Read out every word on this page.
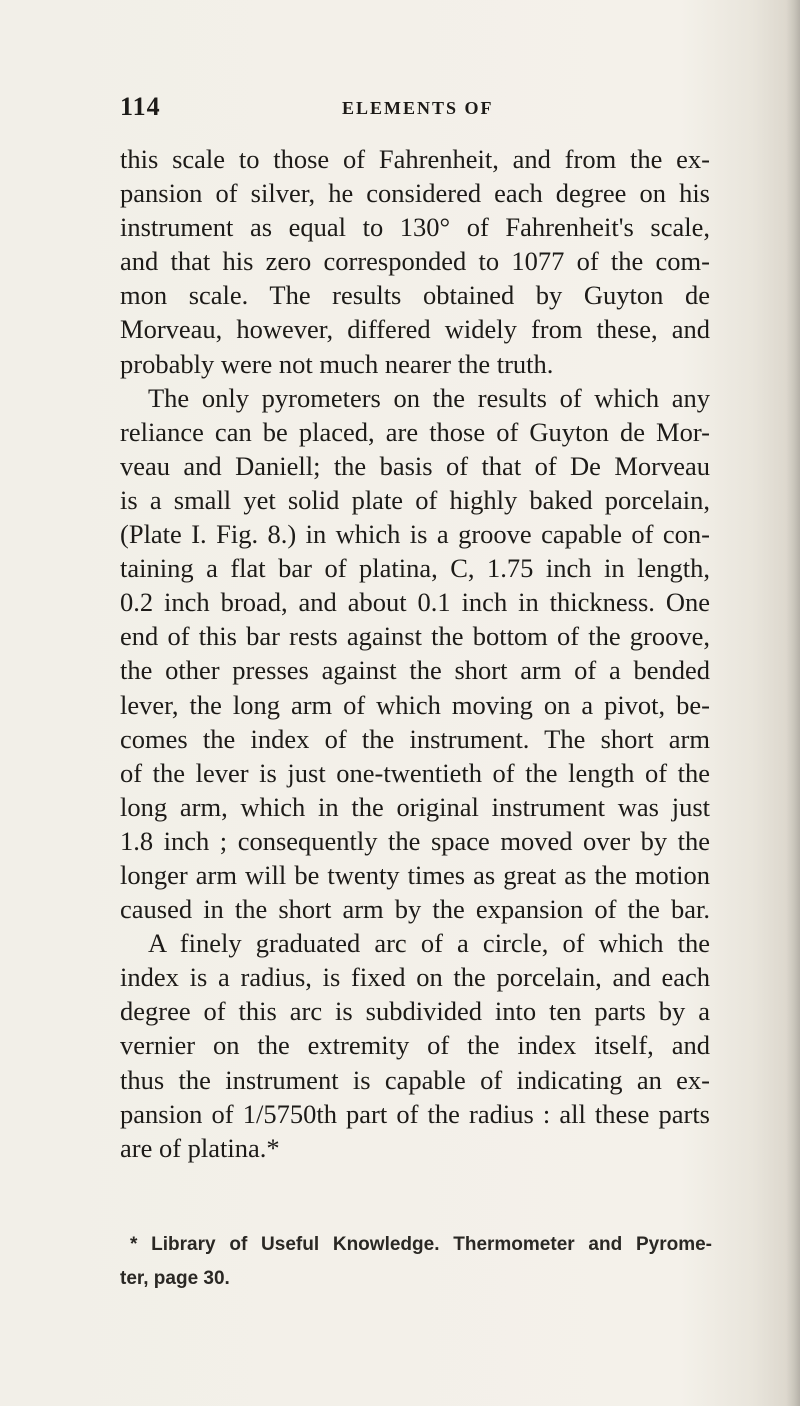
114	ELEMENTS OF
this scale to those of Fahrenheit, and from the ex-
pansion of silver, he considered each degree on his
instrument as equal to 130° of Fahrenheit's scale,
and that his zero corresponded to 1077 of the com-
mon scale. The results obtained by Guyton de
Morveau, however, differed widely from these, and
probably were not much nearer the truth.
The only pyrometers on the results of which any
reliance can be placed, are those of Guyton de Mor-
veau and Daniell; the basis of that of De Morveau
is a small yet solid plate of highly baked porcelain,
(Plate I. Fig. 8.) in which is a groove capable of con-
taining a flat bar of platina, C, 1.75 inch in length,
0.2 inch broad, and about 0.1 inch in thickness. One
end of this bar rests against the bottom of the groove,
the other presses against the short arm of a bended
lever, the long arm of which moving on a pivot, be-
comes the index of the instrument. The short arm
of the lever is just one-twentieth of the length of the
long arm, which in the original instrument was just
1.8 inch ; consequently the space moved over by the
longer arm will be twenty times as great as the motion
caused in the short arm by the expansion of the bar.
A finely graduated arc of a circle, of which the
index is a radius, is fixed on the porcelain, and each
degree of this arc is subdivided into ten parts by a
vernier on the extremity of the index itself, and
thus the instrument is capable of indicating an ex-
pansion of 1/5750th part of the radius : all these parts
are of platina.*
* Library of Useful Knowledge. Thermometer and Pyrome-
ter, page 30.
